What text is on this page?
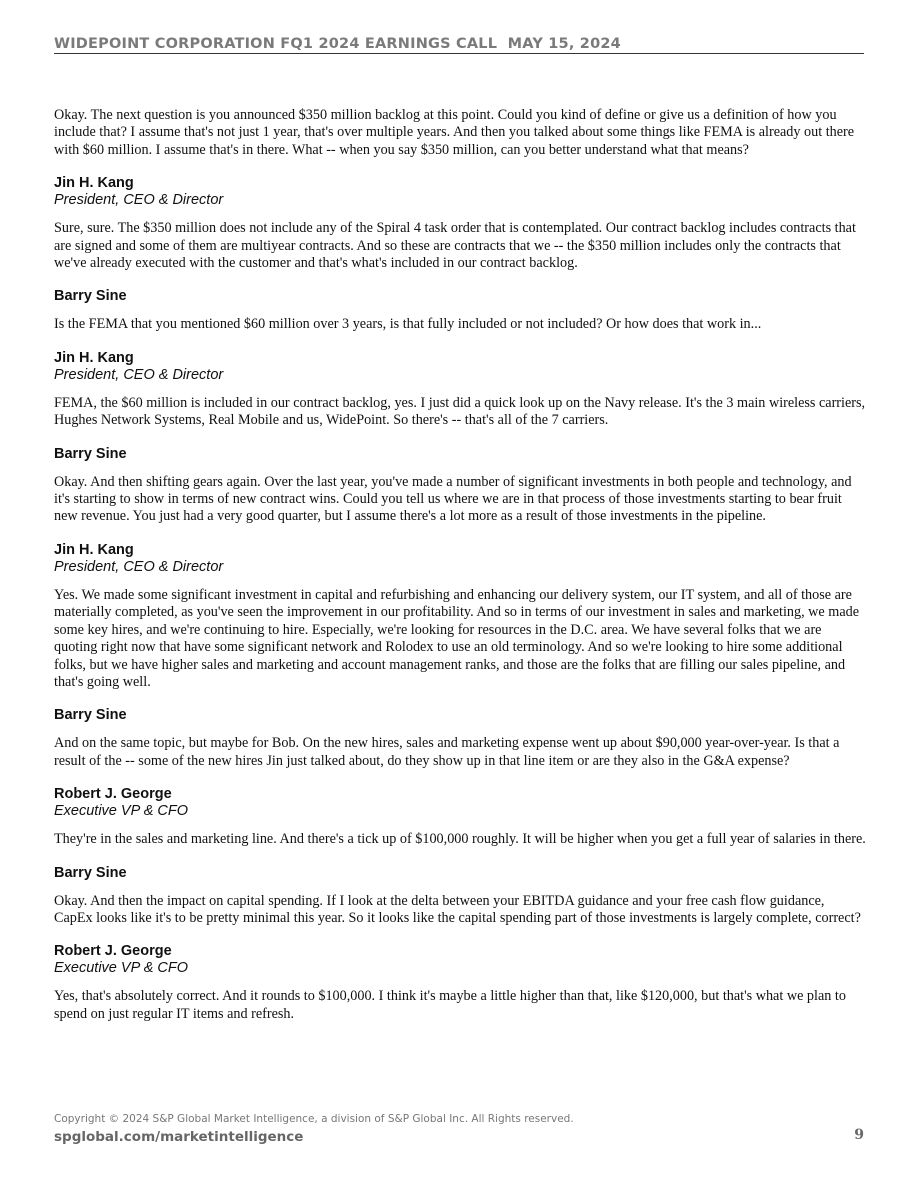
WIDEPOINT CORPORATION FQ1 2024 EARNINGS CALL  MAY 15, 2024

Okay. The next question is you announced $350 million backlog at this point. Could you kind of define or give us a definition of how you include that? I assume that's not just 1 year, that's over multiple years. And then you talked about some things like FEMA is already out there with $60 million. I assume that's in there. What -- when you say $350 million, can you better understand what that means?

Jin H. Kang
President, CEO & Director

Sure, sure. The $350 million does not include any of the Spiral 4 task order that is contemplated. Our contract backlog includes contracts that are signed and some of them are multiyear contracts. And so these are contracts that we -- the $350 million includes only the contracts that we've already executed with the customer and that's what's included in our contract backlog.

Barry Sine

Is the FEMA that you mentioned $60 million over 3 years, is that fully included or not included? Or how does that work in...

Jin H. Kang
President, CEO & Director

FEMA, the $60 million is included in our contract backlog, yes. I just did a quick look up on the Navy release. It's the 3 main wireless carriers, Hughes Network Systems, Real Mobile and us, WidePoint. So there's -- that's all of the 7 carriers.

Barry Sine

Okay. And then shifting gears again. Over the last year, you've made a number of significant investments in both people and technology, and it's starting to show in terms of new contract wins. Could you tell us where we are in that process of those investments starting to bear fruit new revenue. You just had a very good quarter, but I assume there's a lot more as a result of those investments in the pipeline.

Jin H. Kang
President, CEO & Director

Yes. We made some significant investment in capital and refurbishing and enhancing our delivery system, our IT system, and all of those are materially completed, as you've seen the improvement in our profitability. And so in terms of our investment in sales and marketing, we made some key hires, and we're continuing to hire. Especially, we're looking for resources in the D.C. area. We have several folks that we are quoting right now that have some significant network and Rolodex to use an old terminology. And so we're looking to hire some additional folks, but we have higher sales and marketing and account management ranks, and those are the folks that are filling our sales pipeline, and that's going well.

Barry Sine

And on the same topic, but maybe for Bob. On the new hires, sales and marketing expense went up about $90,000 year-over-year. Is that a result of the -- some of the new hires Jin just talked about, do they show up in that line item or are they also in the G&A expense?

Robert J. George
Executive VP & CFO

They're in the sales and marketing line. And there's a tick up of $100,000 roughly. It will be higher when you get a full year of salaries in there.

Barry Sine

Okay. And then the impact on capital spending. If I look at the delta between your EBITDA guidance and your free cash flow guidance, CapEx looks like it's to be pretty minimal this year. So it looks like the capital spending part of those investments is largely complete, correct?

Robert J. George
Executive VP & CFO

Yes, that's absolutely correct. And it rounds to $100,000. I think it's maybe a little higher than that, like $120,000, but that's what we plan to spend on just regular IT items and refresh.

Copyright © 2024 S&P Global Market Intelligence, a division of S&P Global Inc. All Rights reserved.
spglobal.com/marketintelligence	9
